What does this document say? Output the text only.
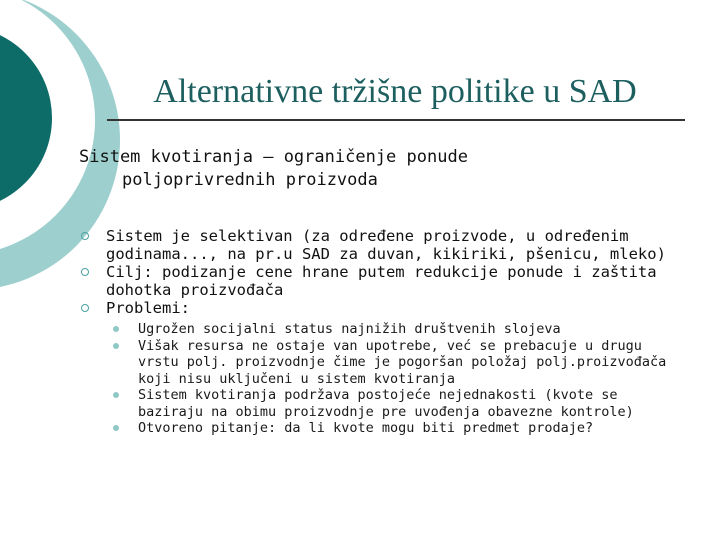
Alternativne tržišne politike u SAD

Sistem kvotiranja – ograničenje ponude
poljoprivrednih proizvoda

Sistem je selektivan (za određene proizvode, u određenim godinama..., na pr.u SAD za duvan, kikiriki, pšenicu, mleko)
Cilj: podizanje cene hrane putem redukcije ponude i zaštita dohotka proizvođača
Problemi:
Ugrožen socijalni status najnižih društvenih slojeva
Višak resursa ne ostaje van upotrebe, već se prebacuje u drugu vrstu polj. proizvodnje čime je pogoršan položaj polj.proizvođača koji nisu uključeni u sistem kvotiranja
Sistem kvotiranja podržava postojeće nejednakosti (kvote se baziraju na obimu proizvodnje pre uvođenja obavezne kontrole)
Otvoreno pitanje: da li kvote mogu biti predmet prodaje?
